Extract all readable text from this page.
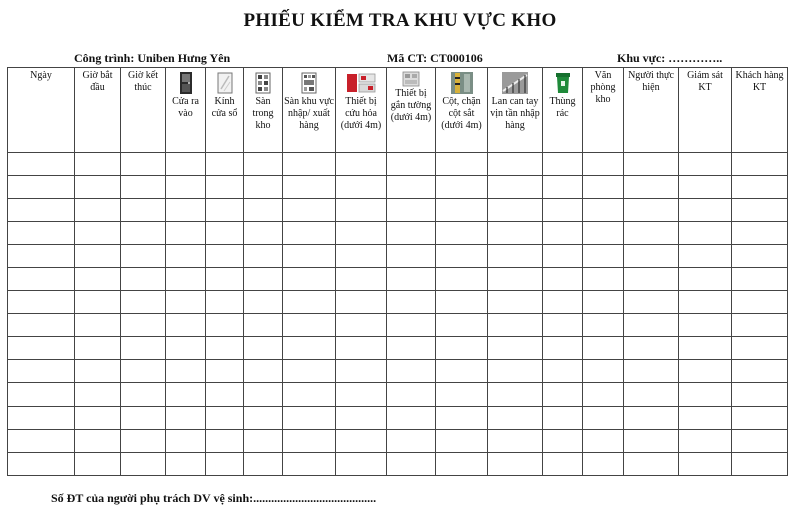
PHIẾU KIỂM TRA KHU VỰC KHO
Công trình: Uniben Hưng Yên	Mã CT: CT000106	Khu vực: …………..
Ngày	Giờ bắt đầu	Giờ kết thúc	Cửa ra vào	Kính cửa sổ	Sàn trong kho	Sàn khu vực nhập/ xuất hàng	Thiết bị cứu hỏa (dưới 4m)	Thiết bị gắn tường (dưới 4m)	Cột, chặn cột sắt (dưới 4m)	Lan can tay vịn tần nhập hàng	Thùng rác	Văn phòng kho	Người thực hiện	Giám sát KT	Khách hàng KT

Số ĐT của người phụ trách DV vệ sinh:.........................................
